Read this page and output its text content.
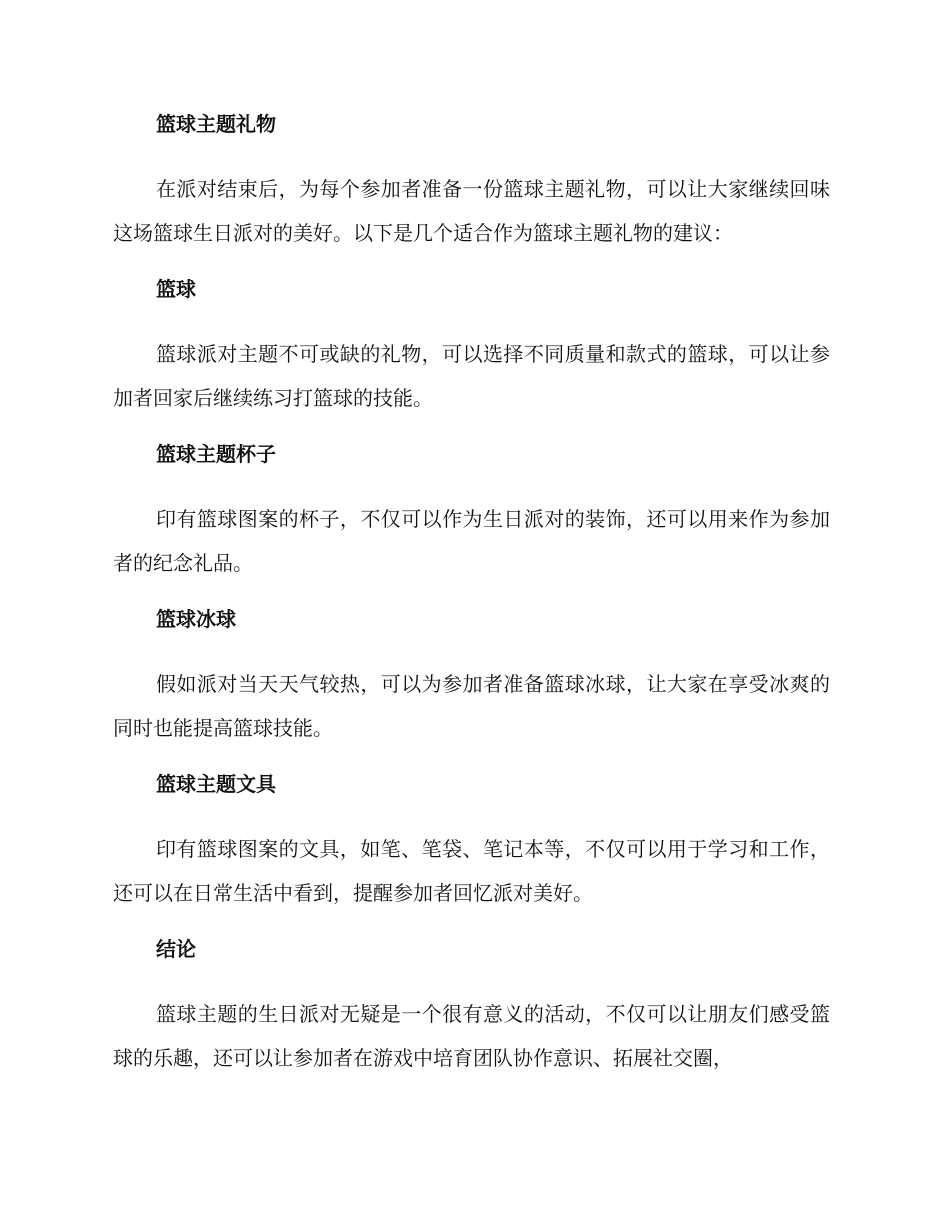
篮球主题礼物

在派对结束后，为每个参加者准备一份篮球主题礼物，可以让大家继续回味这场篮球生日派对的美好。以下是几个适合作为篮球主题礼物的建议：

篮球

篮球派对主题不可或缺的礼物，可以选择不同质量和款式的篮球，可以让参加者回家后继续练习打篮球的技能。

篮球主题杯子

印有篮球图案的杯子，不仅可以作为生日派对的装饰，还可以用来作为参加者的纪念礼品。

篮球冰球

假如派对当天天气较热，可以为参加者准备篮球冰球，让大家在享受冰爽的同时也能提高篮球技能。

篮球主题文具

印有篮球图案的文具，如笔、笔袋、笔记本等，不仅可以用于学习和工作，还可以在日常生活中看到，提醒参加者回忆派对美好。

结论

篮球主题的生日派对无疑是一个很有意义的活动，不仅可以让朋友们感受篮球的乐趣，还可以让参加者在游戏中培育团队协作意识、拓展社交圈，
